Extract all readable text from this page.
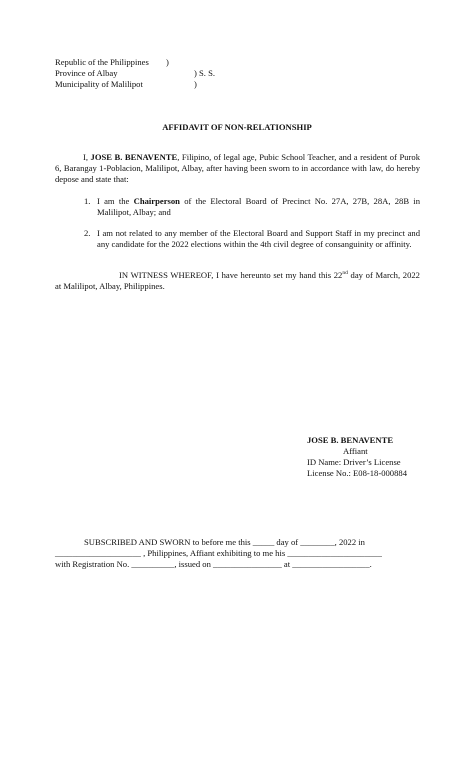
Republic of the Philippines )
Province of Albay	) S. S.
Municipality of Malilipot	)
AFFIDAVIT OF NON-RELATIONSHIP
I, JOSE B. BENAVENTE, Filipino, of legal age, Pubic School Teacher, and a resident of Purok 6, Barangay 1-Poblacion, Malilipot, Albay, after having been sworn to in accordance with law, do hereby depose and state that:
1. I am the Chairperson of the Electoral Board of Precinct No. 27A, 27B, 28A, 28B in Malilipot, Albay; and
2. I am not related to any member of the Electoral Board and Support Staff in my precinct and any candidate for the 2022 elections within the 4th civil degree of consanguinity or affinity.
IN WITNESS WHEREOF, I have hereunto set my hand this 22nd day of March, 2022 at Malilipot, Albay, Philippines.
JOSE B. BENAVENTE
Affiant
ID Name: Driver’s License
License No.: E08-18-000884
SUBSCRIBED AND SWORN to before me this _____ day of ________, 2022 in
____________________ , Philippines, Affiant exhibiting to me his ______________________
with Registration No. __________, issued on ________________ at __________________.
